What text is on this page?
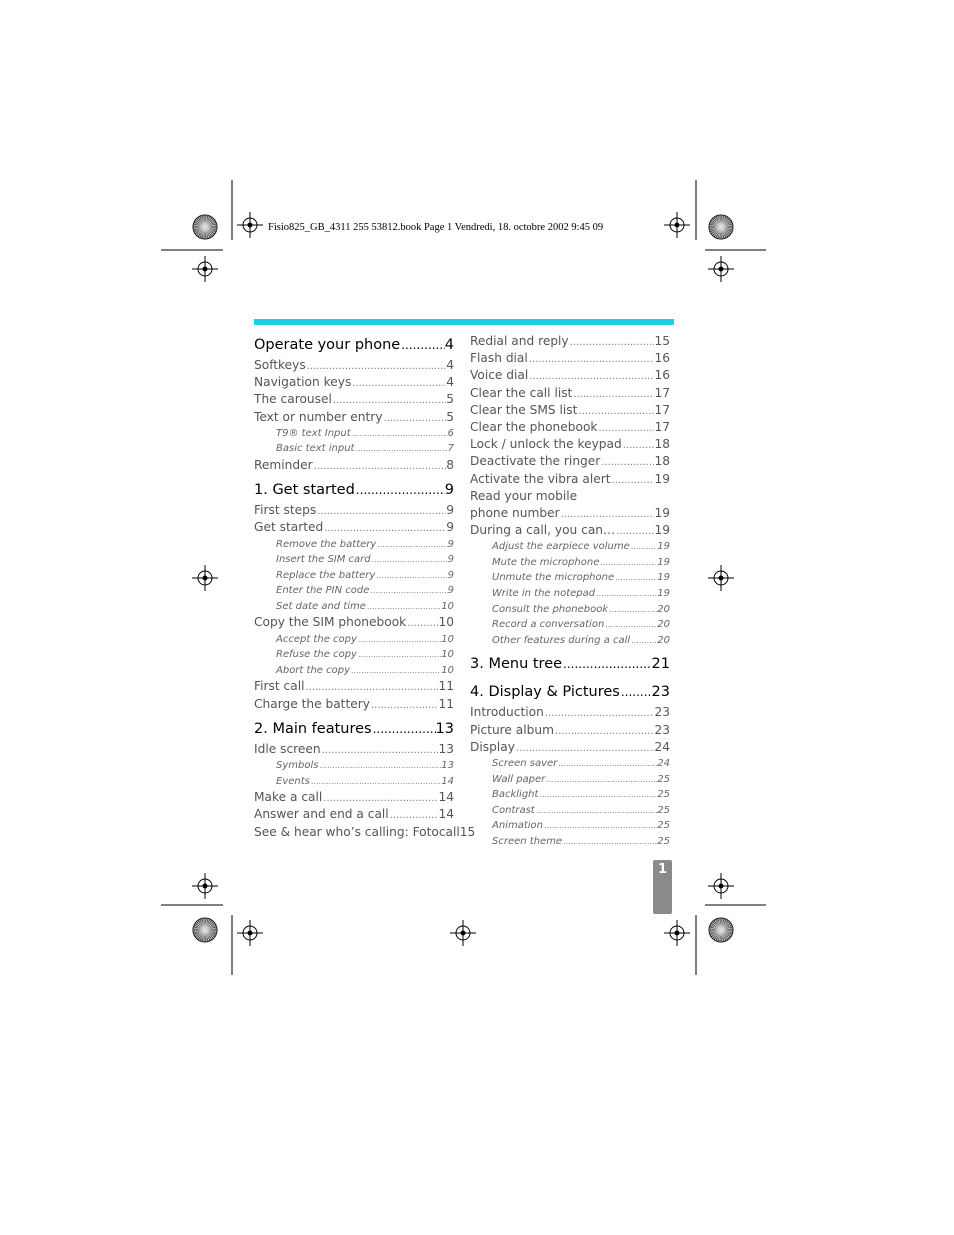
Fisio825_GB_4311 255 53812.book Page 1 Vendredi, 18. octobre 2002 9:45 09
Operate your phone .....	4
Softkeys .....	4
Navigation keys .....	4
The carousel .....	5
Text or number entry .....	5
T9® text Input .....	6
Basic text input .....	7
Reminder .....	8
1. Get started .....	9
First steps .....	9
Get started .....	9
Remove the battery .....	9
Insert the SIM card .....	9
Replace the battery .....	9
Enter the PIN code .....	9
Set date and time .....	10
Copy the SIM phonebook .....	10
Accept the copy .....	10
Refuse the copy .....	10
Abort the copy .....	10
First call .....	11
Charge the battery .....	11
2. Main features .....	13
Idle screen .....	13
Symbols .....	13
Events .....	14
Make a call .....	14
Answer and end a call .....	14
See & hear who’s calling: Fotocall15
Redial and reply .....	15
Flash dial .....	16
Voice dial .....	16
Clear the call list .....	17
Clear the SMS list .....	17
Clear the phonebook .....	17
Lock / unlock the keypad .....	18
Deactivate the ringer .....	18
Activate the vibra alert .....	19
Read your mobile
phone number .....	19
During a call, you can… .....	19
Adjust the earpiece volume .....	19
Mute the microphone .....	19
Unmute the microphone .....	19
Write in the notepad .....	19
Consult the phonebook .....	20
Record a conversation .....	20
Other features during a call .....	20
3. Menu tree .....	21
4. Display & Pictures ..... 23
Introduction .....	23
Picture album .....	23
Display .....	24
Screen saver .....	24
Wall paper .....	25
Backlight .....	25
Contrast .....	25
Animation .....	25
Screen theme .....	25
1
